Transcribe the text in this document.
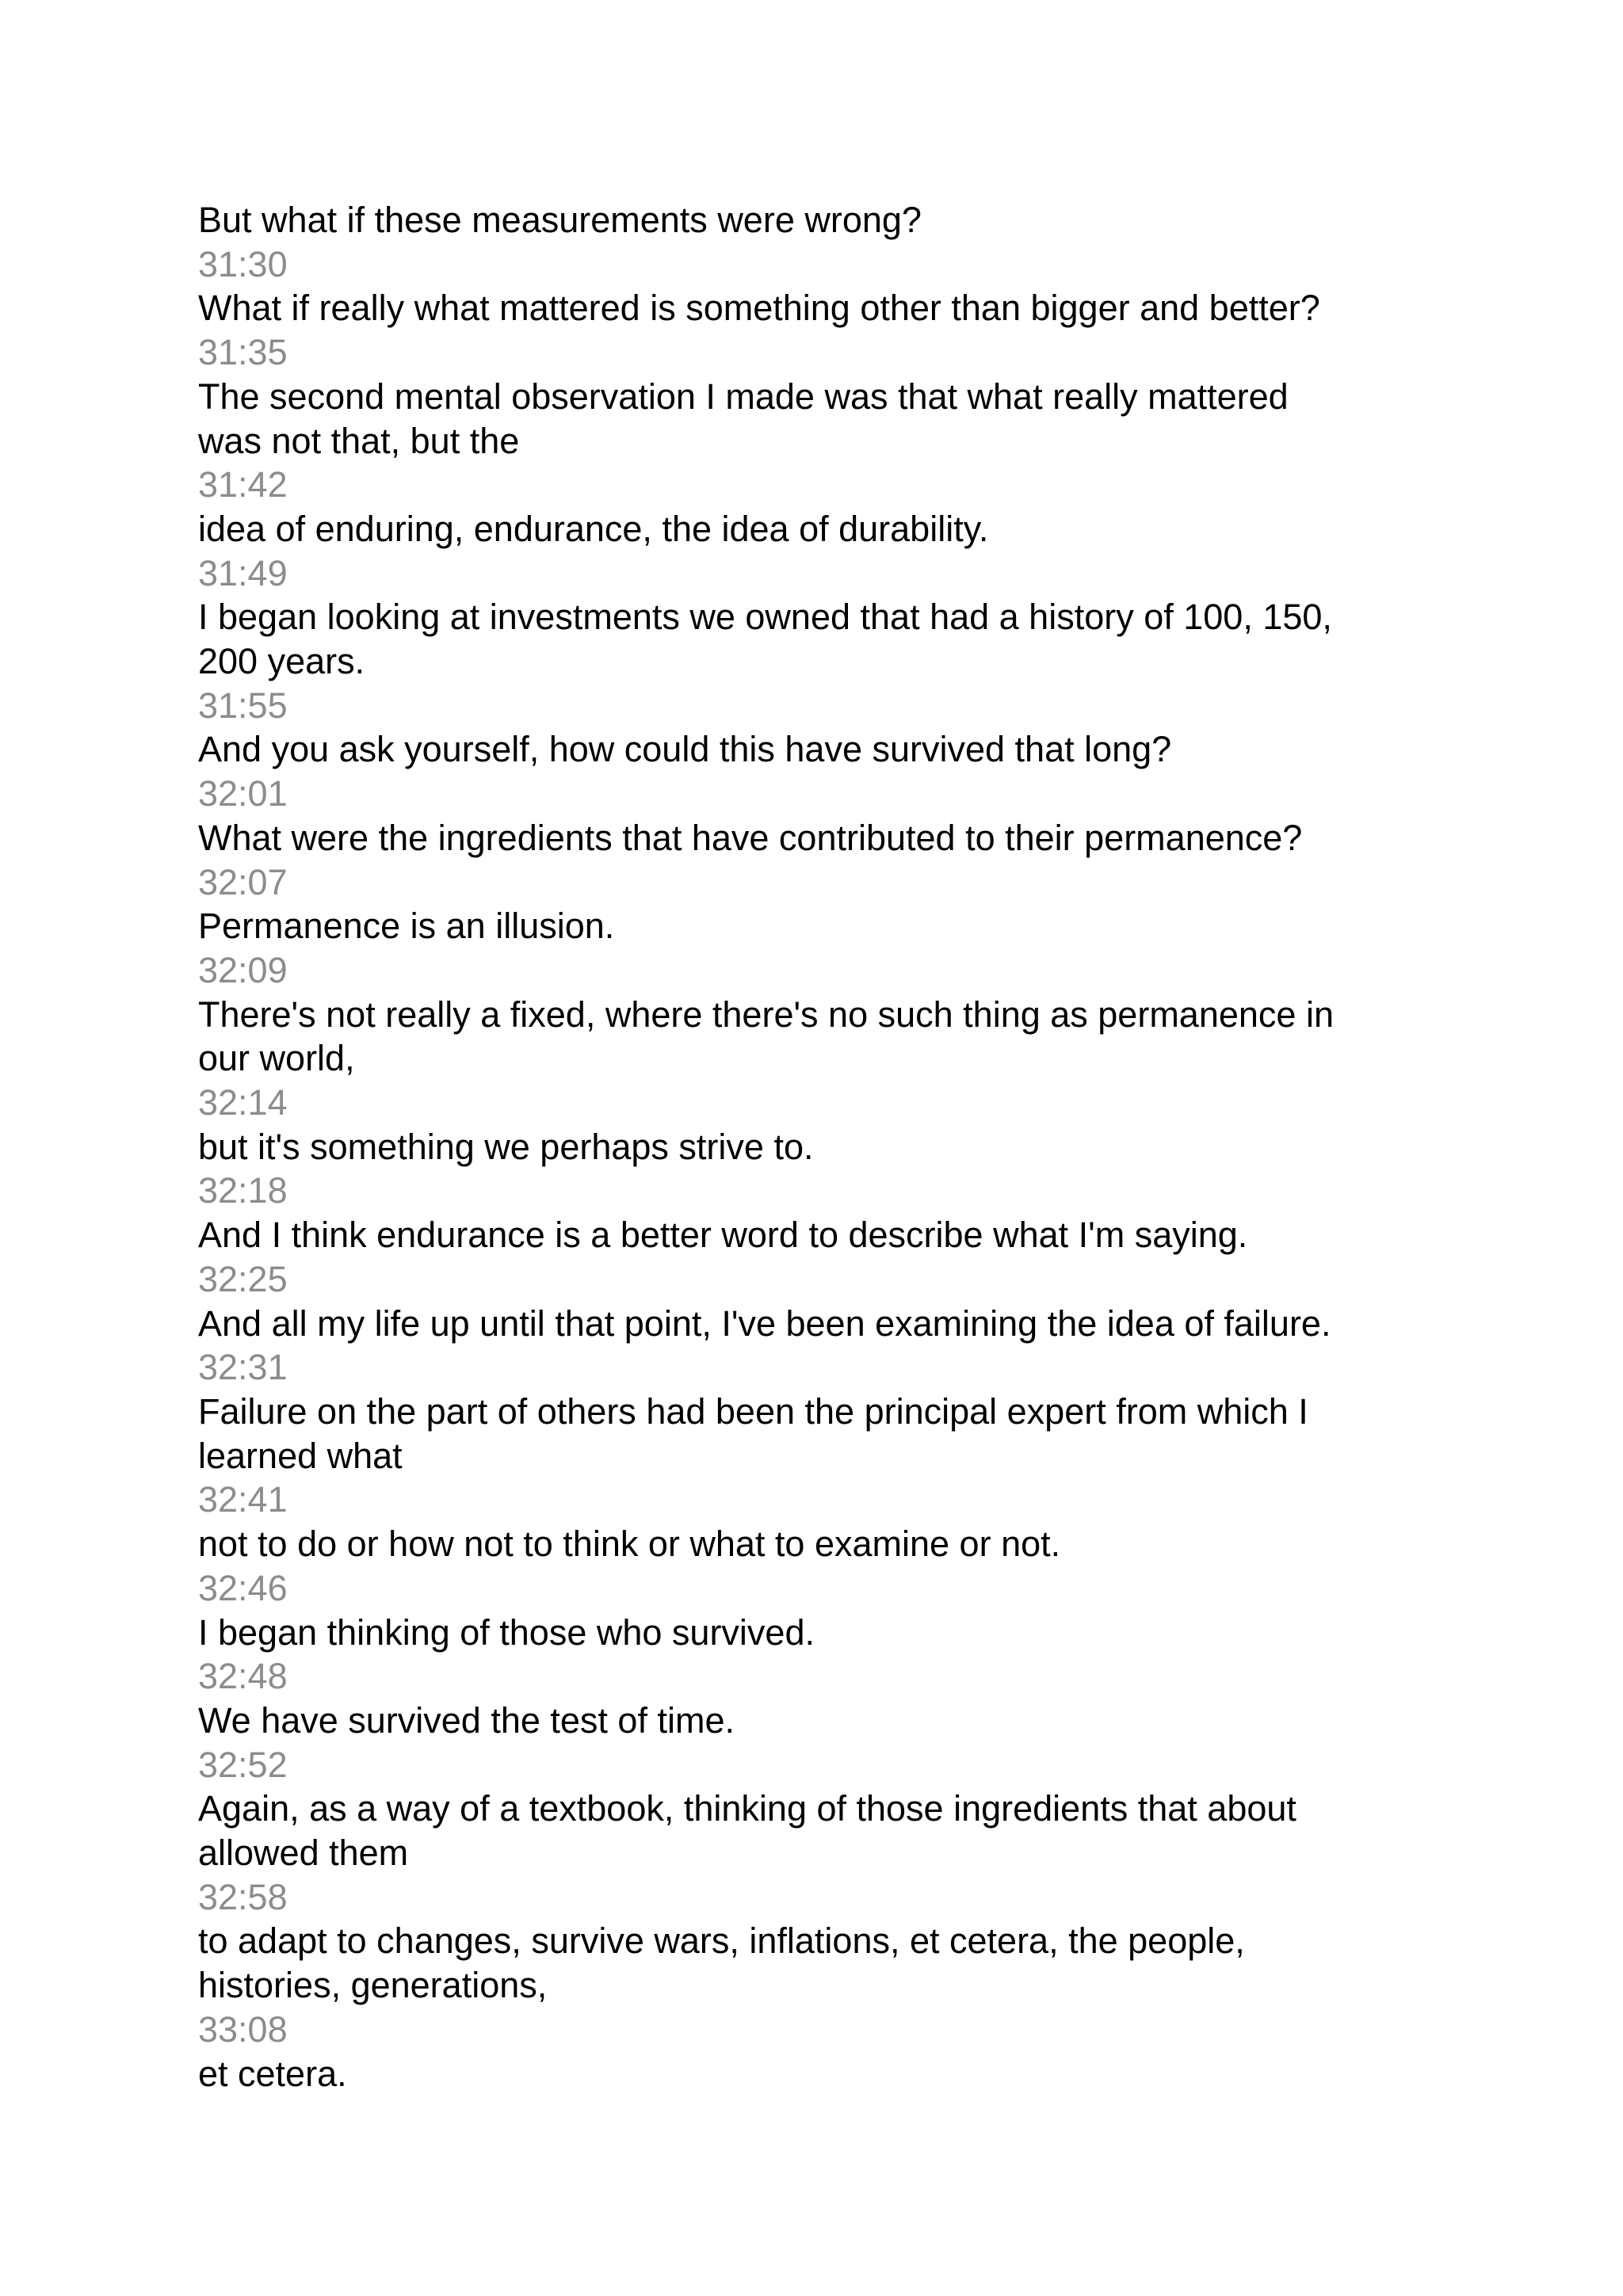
But what if these measurements were wrong?
31:30
What if really what mattered is something other than bigger and better?
31:35
The second mental observation I made was that what really mattered
was not that, but the
31:42
idea of enduring, endurance, the idea of durability.
31:49
I began looking at investments we owned that had a history of 100, 150,
200 years.
31:55
And you ask yourself, how could this have survived that long?
32:01
What were the ingredients that have contributed to their permanence?
32:07
Permanence is an illusion.
32:09
There's not really a fixed, where there's no such thing as permanence in
our world,
32:14
but it's something we perhaps strive to.
32:18
And I think endurance is a better word to describe what I'm saying.
32:25
And all my life up until that point, I've been examining the idea of failure.
32:31
Failure on the part of others had been the principal expert from which I
learned what
32:41
not to do or how not to think or what to examine or not.
32:46
I began thinking of those who survived.
32:48
We have survived the test of time.
32:52
Again, as a way of a textbook, thinking of those ingredients that about
allowed them
32:58
to adapt to changes, survive wars, inflations, et cetera, the people,
histories, generations,
33:08
et cetera.
